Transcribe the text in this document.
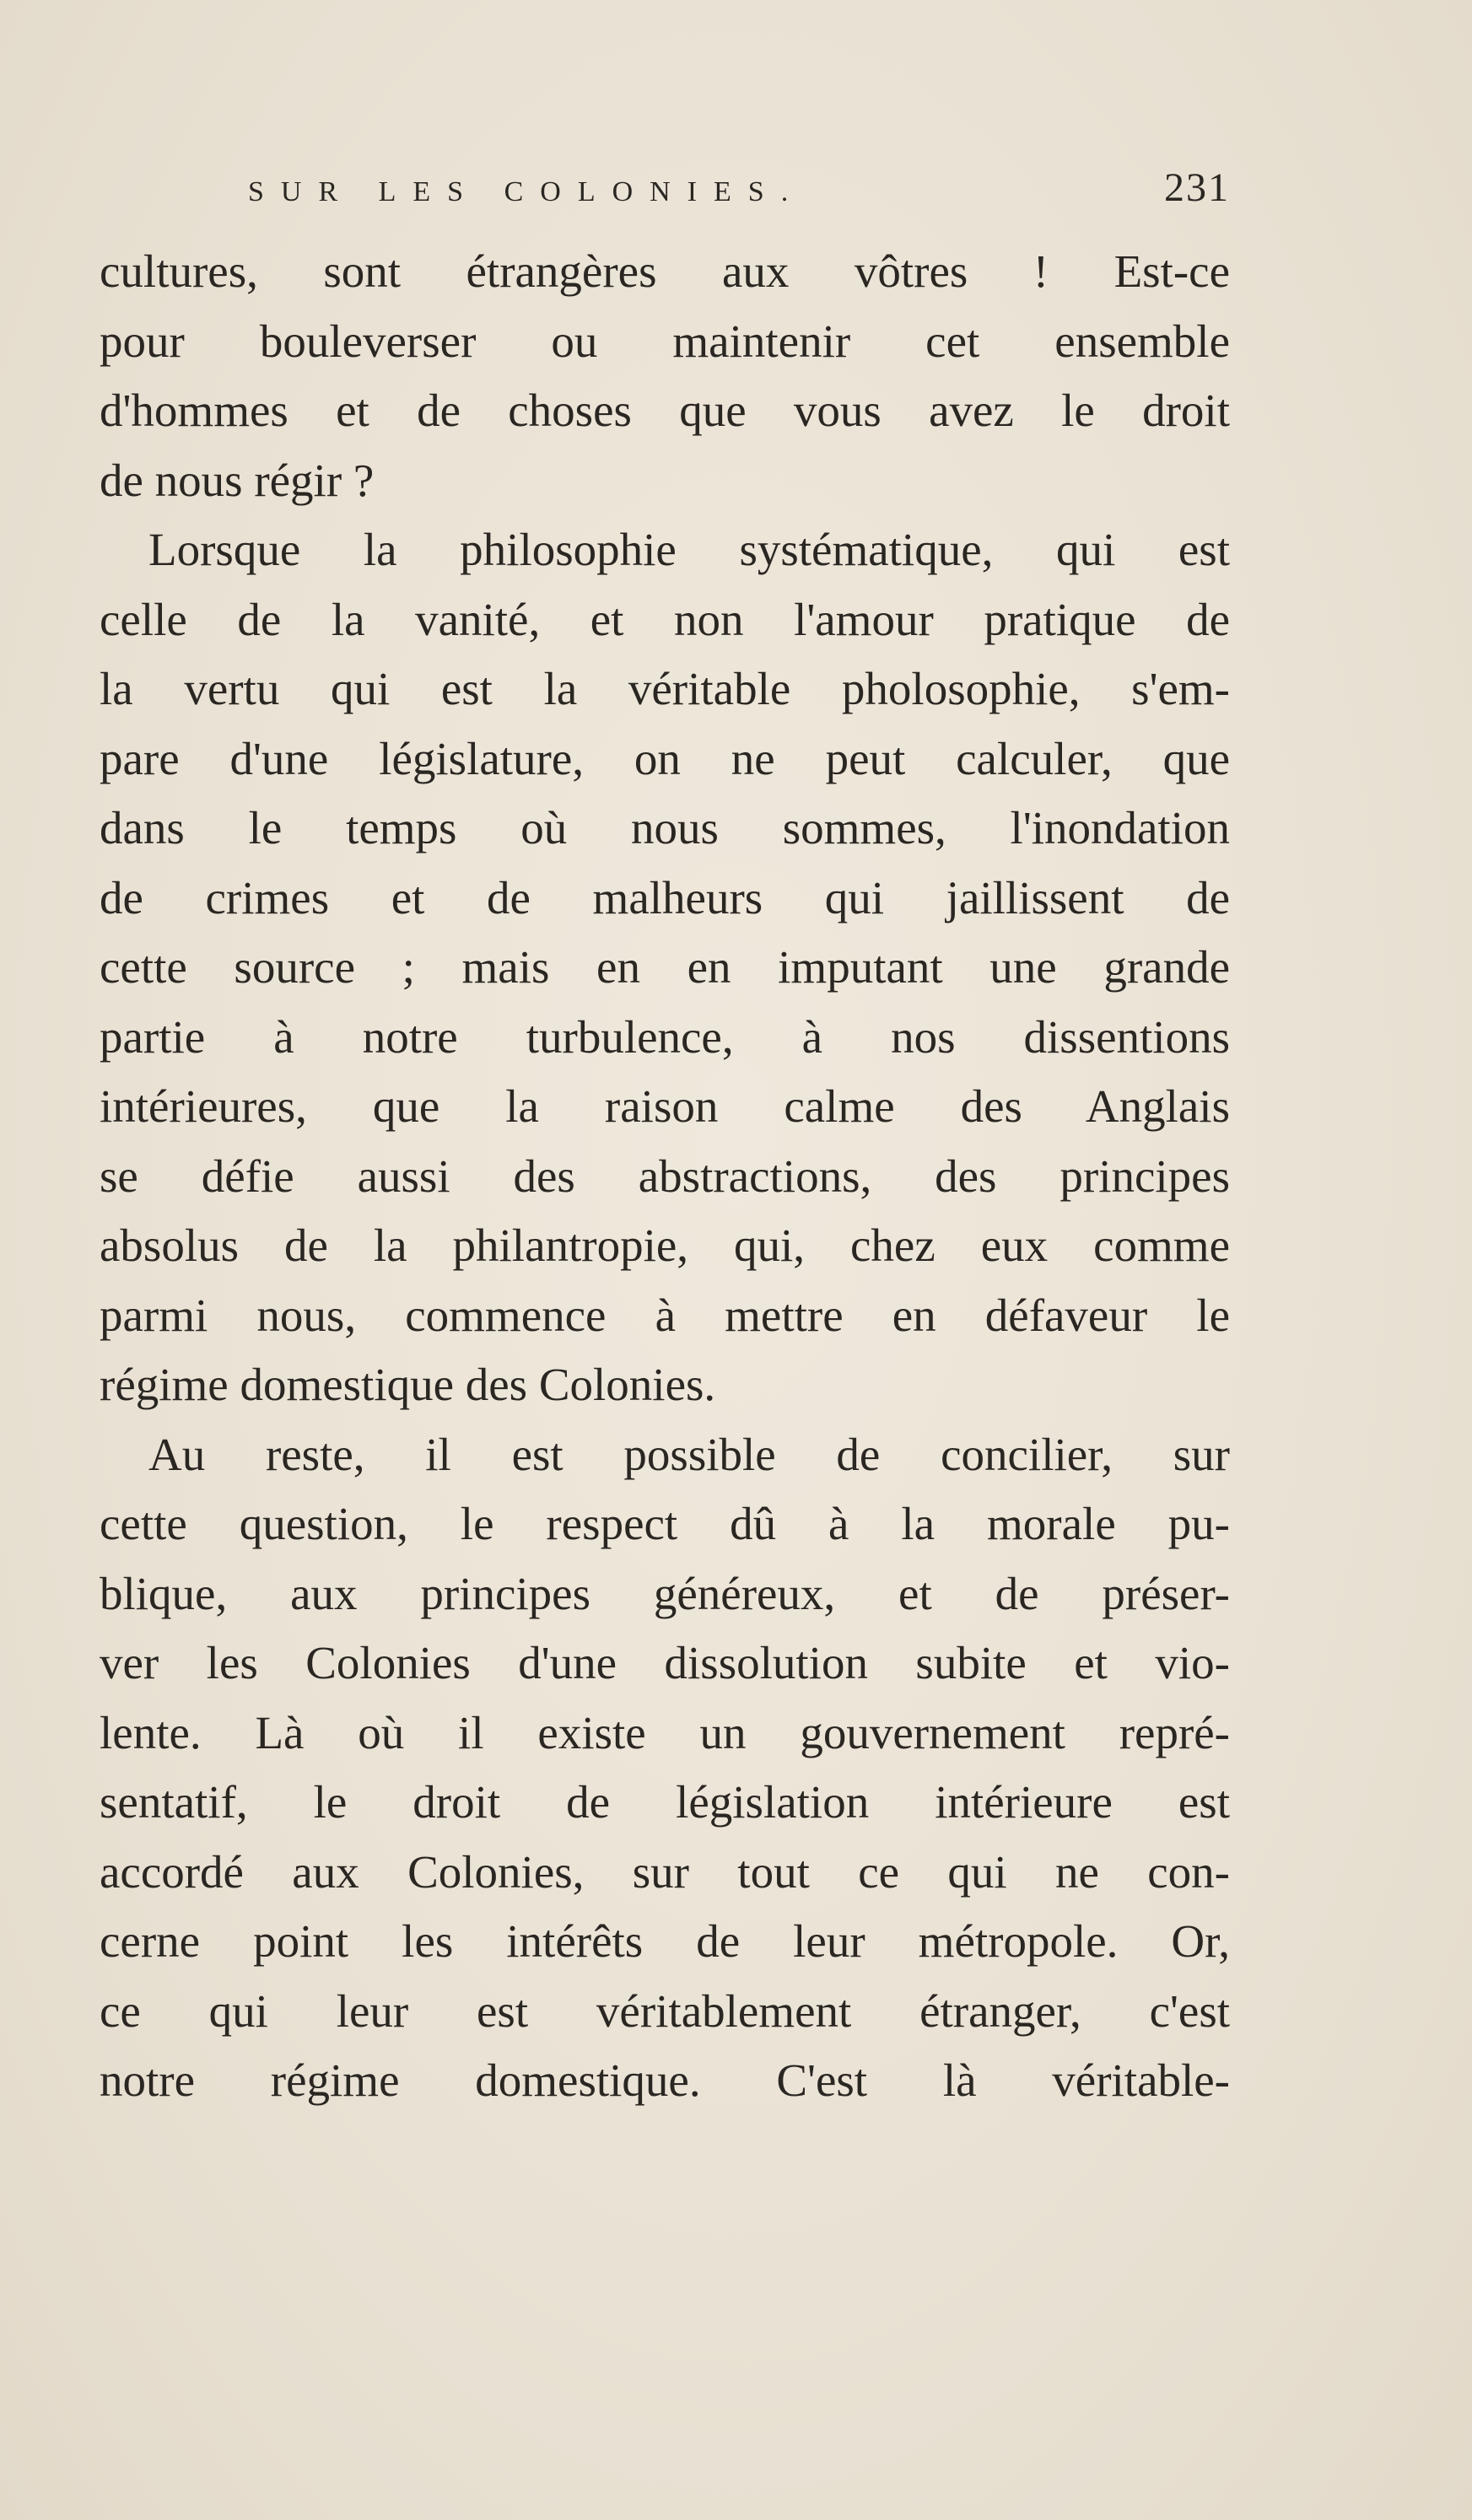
SUR LES COLONIES.	231
cultures, sont étrangères aux vôtres ! Est-ce
pour bouleverser ou maintenir cet ensemble
d'hommes et de choses que vous avez le droit
de nous régir ?
Lorsque la philosophie systématique, qui est
celle de la vanité, et non l'amour pratique de
la vertu qui est la véritable pholosophie, s'em-
pare d'une législature, on ne peut calculer, que
dans le temps où nous sommes, l'inondation
de crimes et de malheurs qui jaillissent de
cette source ; mais en en imputant une grande
partie à notre turbulence, à nos dissentions
intérieures, que la raison calme des Anglais
se défie aussi des abstractions, des principes
absolus de la philantropie, qui, chez eux comme
parmi nous, commence à mettre en défaveur le
régime domestique des Colonies.
Au reste, il est possible de concilier, sur
cette question, le respect dû à la morale pu-
blique, aux principes généreux, et de préser-
ver les Colonies d'une dissolution subite et vio-
lente. Là où il existe un gouvernement repré-
sentatif, le droit de législation intérieure est
accordé aux Colonies, sur tout ce qui ne con-
cerne point les intérêts de leur métropole. Or,
ce qui leur est véritablement étranger, c'est
notre régime domestique. C'est là véritable-
